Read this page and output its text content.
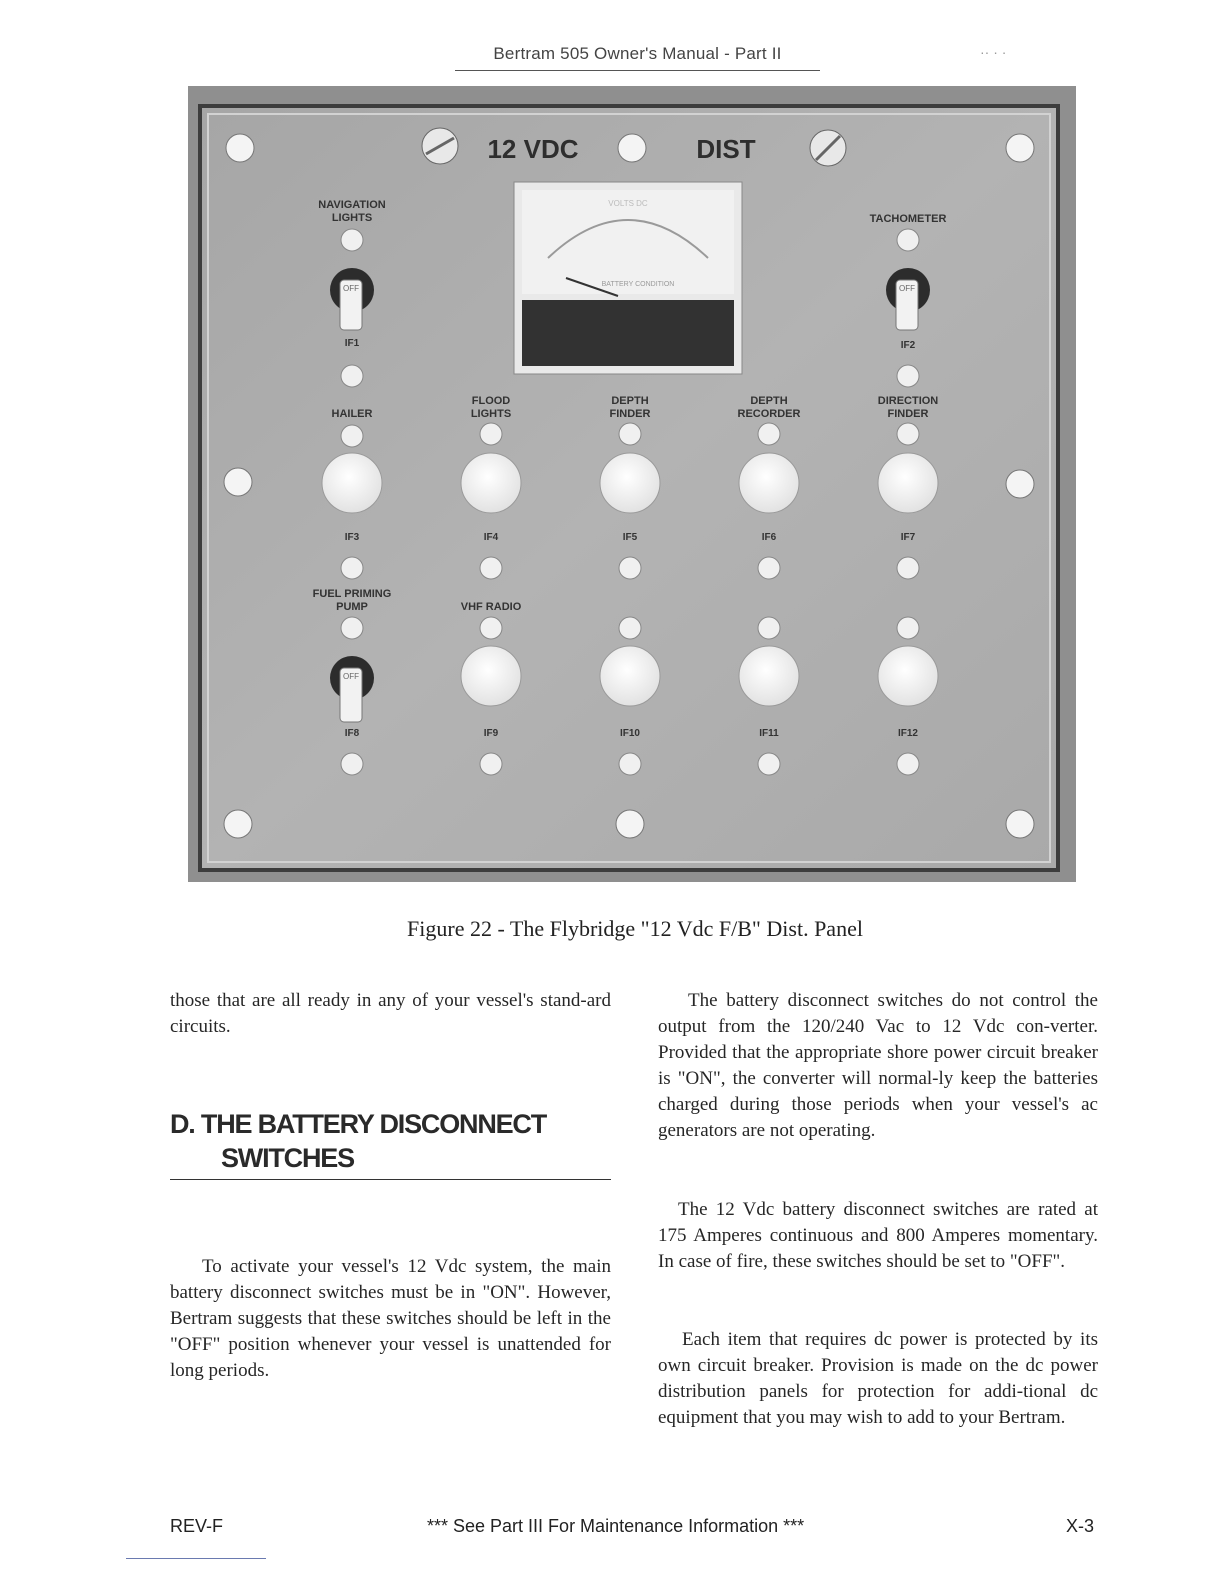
Bertram 505 Owner's Manual - Part II	·· · ·
12 VDC	DIST
VOLTS DC
BATTERY CONDITION
NAVIGATION
LIGHTS	TACHOMETER
HAILER
FLOOD
LIGHTS
DEPTH
FINDER
DEPTH
RECORDER
DIRECTION
FINDER
FUEL PRIMING
PUMP	VHF RADIO
OFF	OFF
OFF
IF1	IF2
IF3	IF4	IF5	IF6	IF7
IF8	IF9	IF10	IF11	IF12
Figure 22 - The Flybridge "12 Vdc F/B" Dist. Panel

those that are all ready in any of your vessel's stand-ard circuits.

D. THE BATTERY DISCONNECT
SWITCHES

To activate your vessel's 12 Vdc system, the main battery disconnect switches must be in "ON". However, Bertram suggests that these switches should be left in the "OFF" position whenever your vessel is unattended for long periods.

The battery disconnect switches do not control the output from the 120/240 Vac to 12 Vdc con-verter. Provided that the appropriate shore power circuit breaker is "ON", the converter will normal-ly keep the batteries charged during those periods when your vessel's ac generators are not operating.

The 12 Vdc battery disconnect switches are rated at 175 Amperes continuous and 800 Amperes momentary. In case of fire, these switches should be set to "OFF".

Each item that requires dc power is protected by its own circuit breaker. Provision is made on the dc power distribution panels for protection for addi-tional dc equipment that you may wish to add to your Bertram.

REV-F	*** See Part III For Maintenance Information ***	X-3
